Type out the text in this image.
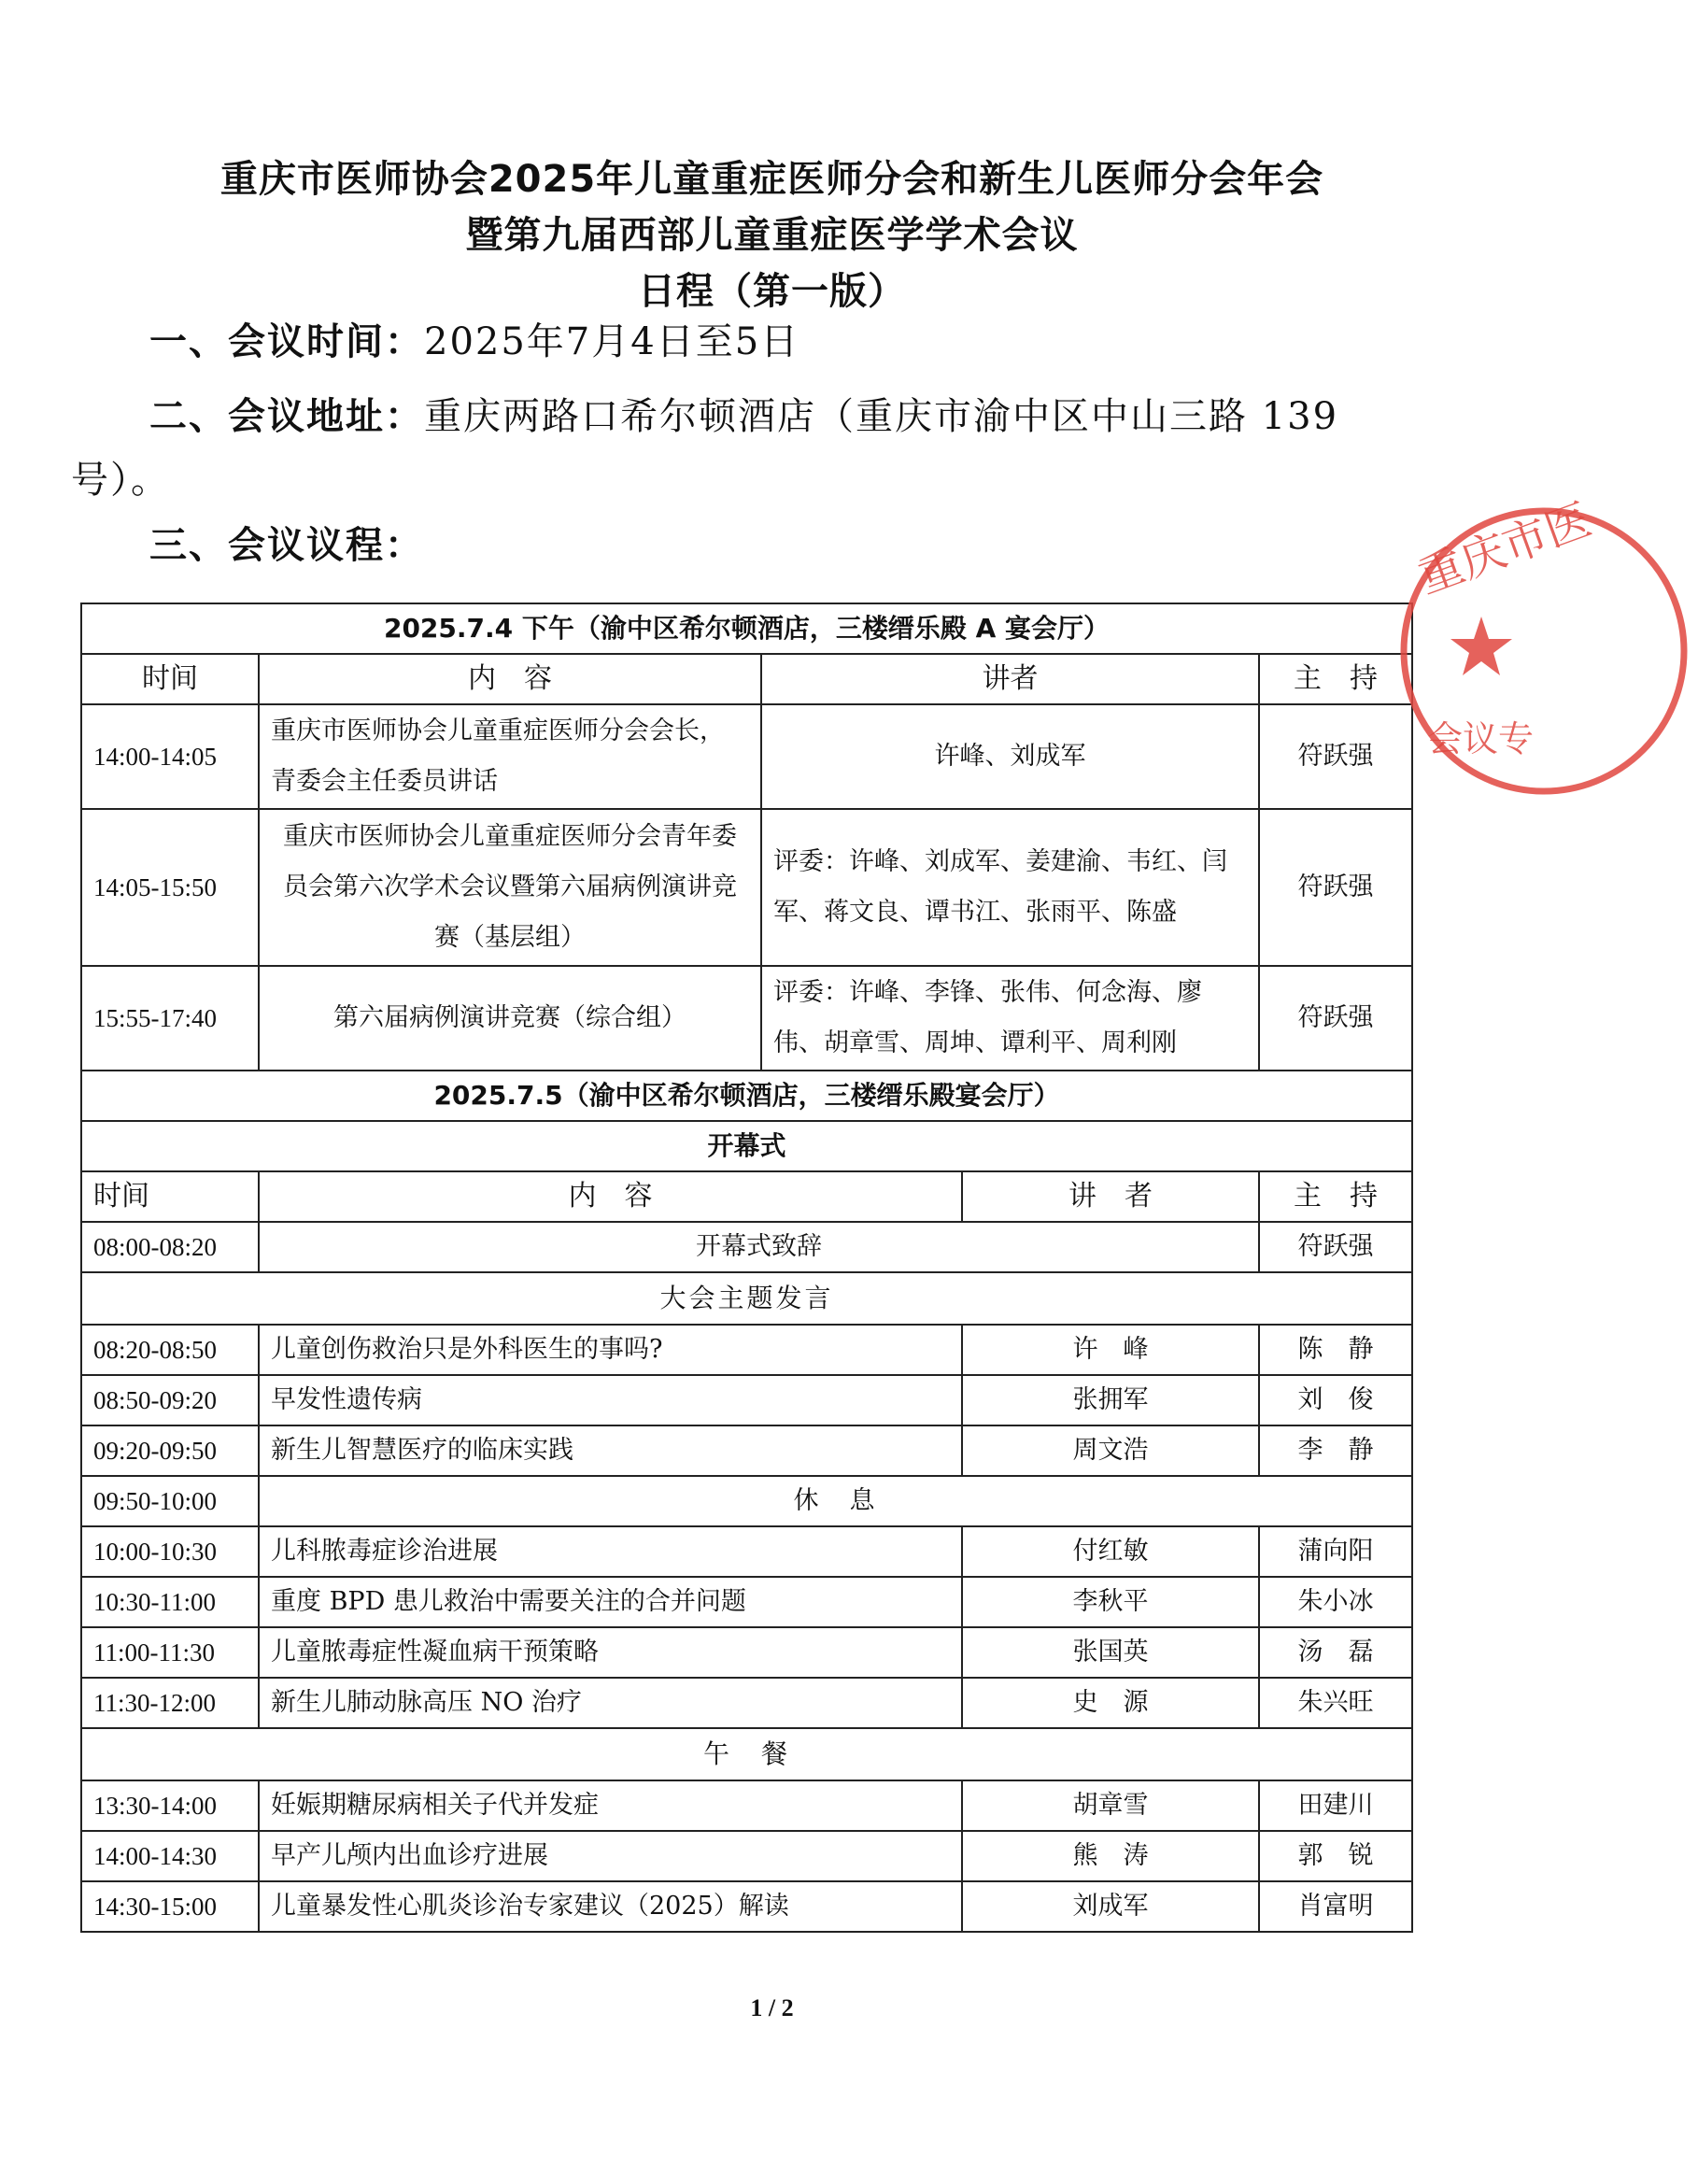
重庆市医师协会2025年儿童重症医师分会和新生儿医师分会年会
暨第九届西部儿童重症医学学术会议
日程（第一版）
一、会议时间：2025年7月4日至5日
二、会议地址：重庆两路口希尔顿酒店（重庆市渝中区中山三路 139
号）。
三、会议议程：
2025.7.4 下午（渝中区希尔顿酒店，三楼缙乐殿 A 宴会厅）				
时间	内　容	讲者		主　持
14:00-14:05	重庆市医师协会儿童重症医师分会会长，青委会主任委员讲话	许峰、刘成军		符跃强
14:05-15:50	重庆市医师协会儿童重症医师分会青年委员会第六次学术会议暨第六届病例演讲竞赛（基层组）	评委：许峰、刘成军、姜建渝、韦红、闫军、蒋文良、谭书江、张雨平、陈盛		符跃强
15:55-17:40	第六届病例演讲竞赛（综合组）	评委：许峰、李锋、张伟、何念海、廖伟、胡章雪、周坤、谭利平、周利刚		符跃强
2025.7.5（渝中区希尔顿酒店，三楼缙乐殿宴会厅）				
开幕式				
时间	内　容		讲　者	主　持
08:00-08:20	开幕式致辞			符跃强
大会主题发言				
08:20-08:50	儿童创伤救治只是外科医生的事吗?		许　峰	陈　静
08:50-09:20	早发性遗传病		张拥军	刘　俊
09:20-09:50	新生儿智慧医疗的临床实践		周文浩	李　静
09:50-10:00	休　息			
10:00-10:30	儿科脓毒症诊治进展		付红敏	蒲向阳
10:30-11:00	重度 BPD 患儿救治中需要关注的合并问题		李秋平	朱小冰
11:00-11:30	儿童脓毒症性凝血病干预策略		张国英	汤　磊
11:30-12:00	新生儿肺动脉高压 NO 治疗		史　源	朱兴旺
午　餐				
13:30-14:00	妊娠期糖尿病相关子代并发症		胡章雪	田建川
14:00-14:30	早产儿颅内出血诊疗进展		熊　涛	郭　锐
14:30-15:00	儿童暴发性心肌炎诊治专家建议（2025）解读		刘成军	肖富明
1 / 2
重庆市医
会议专
